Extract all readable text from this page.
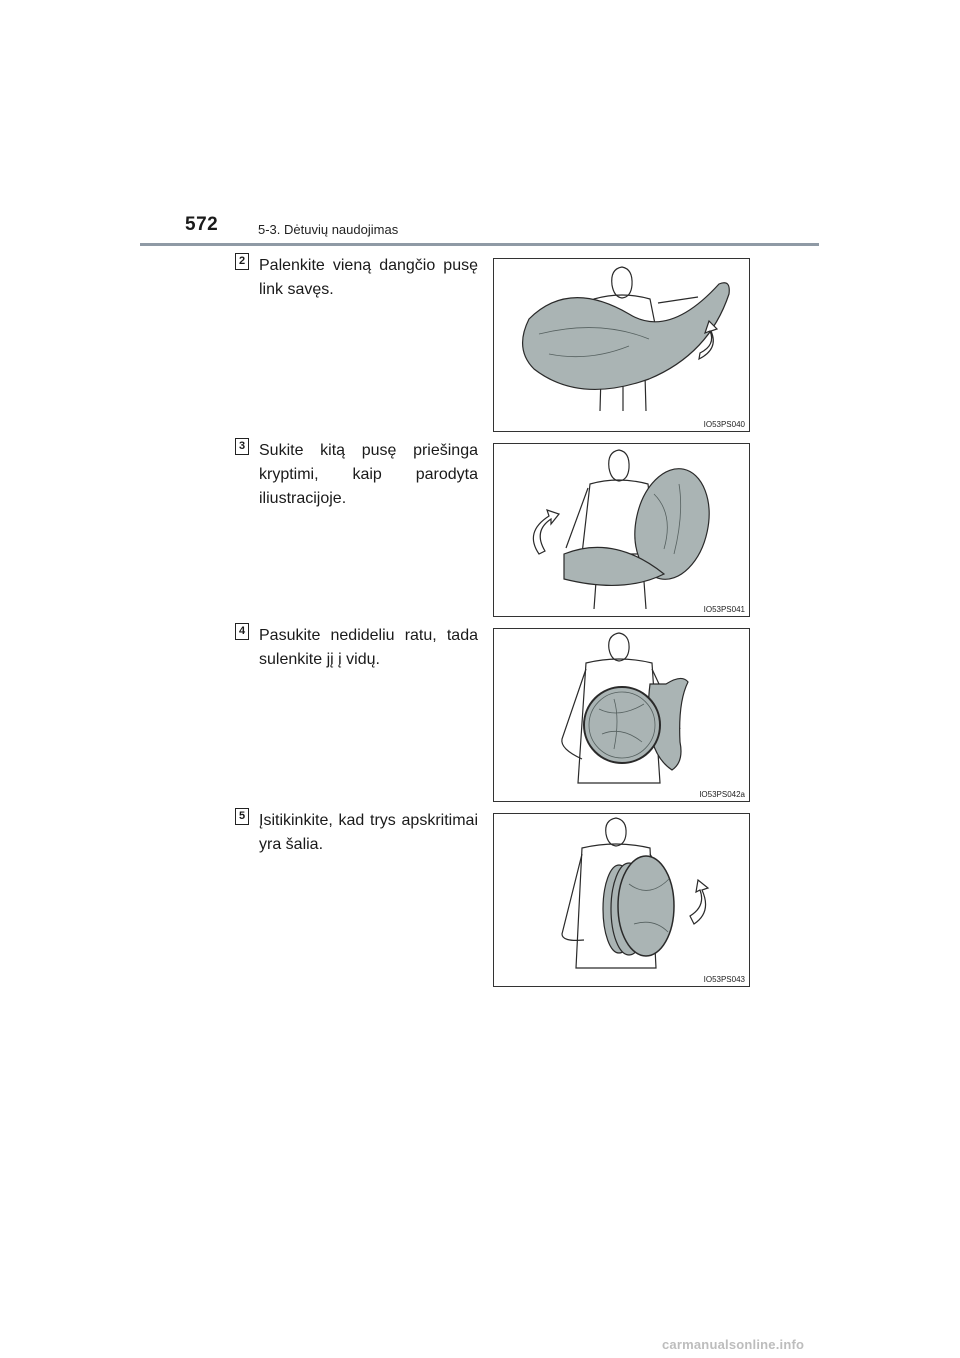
572	5-3. Dėtuvių naudojimas
2 Palenkite vieną dangčio pusę link savęs.
IO53PS040
3 Sukite kitą pusę priešinga kryptimi, kaip parodyta iliustracijoje.
IO53PS041
4 Pasukite nedideliu ratu, tada sulenkite jį į vidų.
IO53PS042a
5 Įsitikinkite, kad trys apskritimai yra šalia.
IO53PS043
carmanualsonline.info
